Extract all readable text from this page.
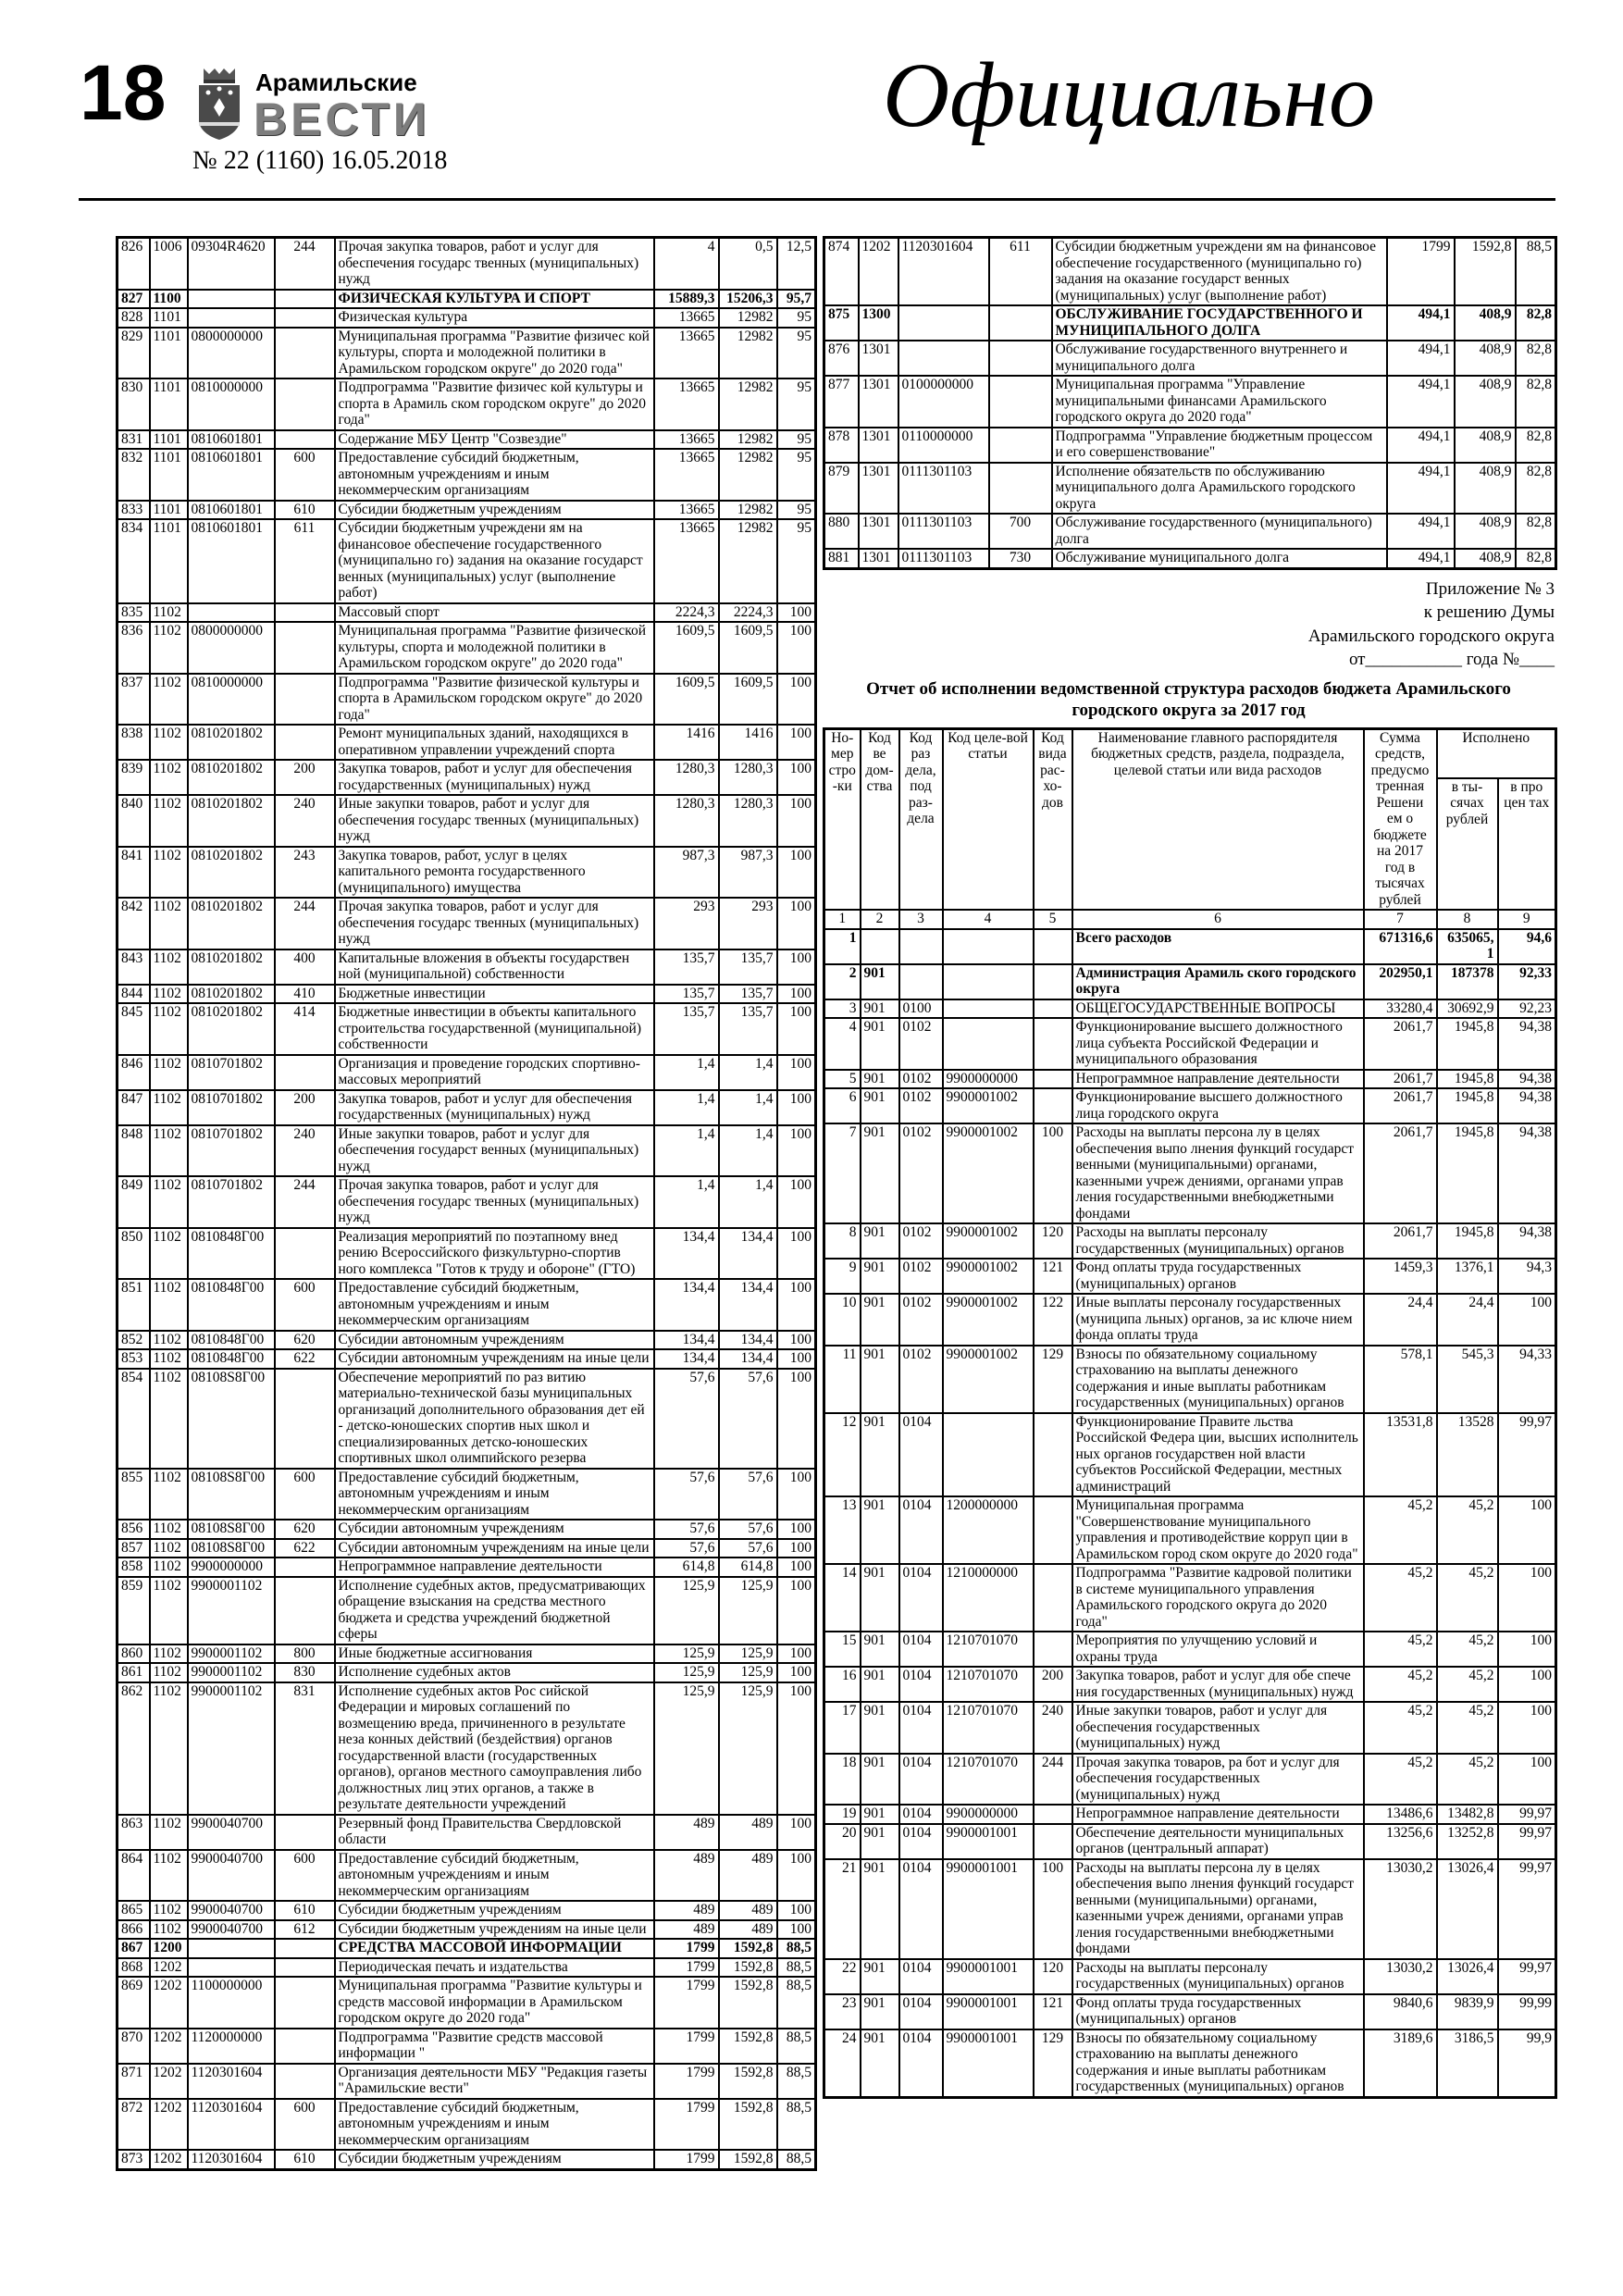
18	Арамильские
ВЕСТИ
№ 22 (1160) 16.05.2018
Официально
826	1006	09304R4620	244	Прочая закупка товаров, работ и услуг для обеспечения государс твенных (муниципальных) нужд	4	0,5	12,5
827	1100			ФИЗИЧЕСКАЯ КУЛЬТУРА И СПОРТ	15889,3	15206,3	95,7
828	1101			Физическая культура	13665	12982	95
829	1101	0800000000		Муниципальная программа "Развитие физичес кой культуры, спорта и молодежной политики в Арамильском городском округе" до 2020 года"	13665	12982	95
830	1101	0810000000		Подпрограмма "Развитие физичес кой культуры и спорта в Арамиль ском городском округе" до 2020 года"	13665	12982	95
831	1101	0810601801		Содержание МБУ Центр "Созвездие"	13665	12982	95
832	1101	0810601801	600	Предоставление субсидий бюджетным, автономным учреждениям и иным некоммерческим организациям	13665	12982	95
833	1101	0810601801	610	Субсидии бюджетным учреждениям	13665	12982	95
834	1101	0810601801	611	Субсидии бюджетным учреждени ям на финансовое обеспечение государственного (муниципально го) задания на оказание государст венных (муниципальных) услуг (выполнение работ)	13665	12982	95
835	1102			Массовый спорт	2224,3	2224,3	100
836	1102	0800000000		Муниципальная программа "Развитие физической культуры, спорта и молодежной политики в Арамильском городском округе" до 2020 года"	1609,5	1609,5	100
837	1102	0810000000		Подпрограмма "Развитие физической культуры и спорта в Арамильском городском округе" до 2020 года"	1609,5	1609,5	100
838	1102	0810201802		Ремонт муниципальных зданий, находящихся в оперативном управлении учреждений спорта	1416	1416	100
839	1102	0810201802	200	Закупка товаров, работ и услуг для обеспечения государственных (муниципальных) нужд	1280,3	1280,3	100
840	1102	0810201802	240	Иные закупки товаров, работ и услуг для обеспечения государс твенных (муниципальных) нужд	1280,3	1280,3	100
841	1102	0810201802	243	Закупка товаров, работ, услуг в целях капитального ремонта государственного (муниципального) имущества	987,3	987,3	100
842	1102	0810201802	244	Прочая закупка товаров, работ и услуг для обеспечения государс твенных (муниципальных) нужд	293	293	100
843	1102	0810201802	400	Капитальные вложения в объекты государствен ной (муниципальной) собственности	135,7	135,7	100
844	1102	0810201802	410	Бюджетные инвестиции	135,7	135,7	100
845	1102	0810201802	414	Бюджетные инвестиции в объекты капитального строительства государственной (муниципальной) собственности	135,7	135,7	100
846	1102	0810701802		Организация и проведение городских спортивно-массовых мероприятий	1,4	1,4	100
847	1102	0810701802	200	Закупка товаров, работ и услуг для обеспечения государственных (муниципальных) нужд	1,4	1,4	100
848	1102	0810701802	240	Иные закупки товаров, работ и услуг для обеспечения государст венных (муниципальных) нужд	1,4	1,4	100
849	1102	0810701802	244	Прочая закупка товаров, работ и услуг для обеспечения государс твенных (муниципальных) нужд	1,4	1,4	100
850	1102	0810848Г00		Реализация мероприятий по поэтапному внед рению Всероссийского физкультурно-спортив ного комплекса "Готов к труду и обороне" (ГТО)	134,4	134,4	100
851	1102	0810848Г00	600	Предоставление субсидий бюджетным, автономным учреждениям и иным некоммерческим организациям	134,4	134,4	100
852	1102	0810848Г00	620	Субсидии автономным учреждениям	134,4	134,4	100
853	1102	0810848Г00	622	Субсидии автономным учреждениям на иные цели	134,4	134,4	100
854	1102	08108S8Г00		Обеспечение мероприятий по раз витию материально-технической базы муниципальных организаций дополнительного образования дет ей - детско-юношеских спортив ных школ и специализированных детско-юношеских спортивных школ олимпийского резерва	57,6	57,6	100
855	1102	08108S8Г00	600	Предоставление субсидий бюджетным, автономным учреждениям и иным некоммерческим организациям	57,6	57,6	100
856	1102	08108S8Г00	620	Субсидии автономным учреждениям	57,6	57,6	100
857	1102	08108S8Г00	622	Субсидии автономным учреждениям на иные цели	57,6	57,6	100
858	1102	9900000000		Непрограммное направление деятельности	614,8	614,8	100
859	1102	9900001102		Исполнение судебных актов, предусматривающих обращение взыскания на средства местного бюджета и средства учреждений бюджетной сферы	125,9	125,9	100
860	1102	9900001102	800	Иные бюджетные ассигнования	125,9	125,9	100
861	1102	9900001102	830	Исполнение судебных актов	125,9	125,9	100
862	1102	9900001102	831	Исполнение судебных актов Рос сийской Федерации и мировых соглашений по возмещению вреда, причиненного в результате неза конных действий (бездействия) органов государственной власти (государственных органов), органов местного самоуправления либо должностных лиц этих органов, а также в результате деятельности учреждений	125,9	125,9	100
863	1102	9900040700		Резервный фонд Правительства Свердловской области	489	489	100
864	1102	9900040700	600	Предоставление субсидий бюджетным, автономным учреждениям и иным некоммерческим организациям	489	489	100
865	1102	9900040700	610	Субсидии бюджетным учреждениям	489	489	100
866	1102	9900040700	612	Субсидии бюджетным учреждениям на иные цели	489	489	100
867	1200			СРЕДСТВА МАССОВОЙ ИНФОРМАЦИИ	1799	1592,8	88,5
868	1202			Периодическая печать и издательства	1799	1592,8	88,5
869	1202	1100000000		Муниципальная программа "Развитие культуры и средств массовой информации в Арамильском городском округе до 2020 года"	1799	1592,8	88,5
870	1202	1120000000		Подпрограмма "Развитие средств массовой информации "	1799	1592,8	88,5
871	1202	1120301604		Организация деятельности МБУ "Редакция газеты "Арамильские вести"	1799	1592,8	88,5
872	1202	1120301604	600	Предоставление субсидий бюджетным, автономным учреждениям и иным некоммерческим организациям	1799	1592,8	88,5
873	1202	1120301604	610	Субсидии бюджетным учреждениям	1799	1592,8	88,5
874	1202	1120301604	611	Субсидии бюджетным учреждени ям на финансовое обеспечение государственного (муниципально го) задания на оказание государст венных (муниципальных) услуг (выполнение работ)	1799	1592,8	88,5
875	1300			ОБСЛУЖИВАНИЕ ГОСУДАРСТВЕННОГО И МУНИЦИПАЛЬНОГО ДОЛГА	494,1	408,9	82,8
876	1301			Обслуживание государственного внутреннего и муниципального долга	494,1	408,9	82,8
877	1301	0100000000		Муниципальная программа "Управление муниципальными финансами Арамильского городского округа до 2020 года"	494,1	408,9	82,8
878	1301	0110000000		Подпрограмма "Управление бюджетным процессом и его совершенствование"	494,1	408,9	82,8
879	1301	0111301103		Исполнение обязательств по обслуживанию муниципального долга Арамильского городского округа	494,1	408,9	82,8
880	1301	0111301103	700	Обслуживание государственного (муниципального) долга	494,1	408,9	82,8
881	1301	0111301103	730	Обслуживание муниципального долга	494,1	408,9	82,8
Приложение № 3
к решению Думы
Арамильского городского округа
от___________ года №____
Отчет об исполнении ведомственной структура расходов бюджета Арамильского городского округа за 2017 год
Но-мер стро-ки	Код ве дом-ства	Код раз дела, под раз-дела	Код целе-вой статьи	Код вида рас-хо-дов	Наименование главного распорядителя бюджетных средств, раздела, подраздела, целевой статьи или вида расходов	Сумма средств, предусмо тренная Решени ем о бюджете на 2017 год в тысячах рублей	Исполнено	
							в ты-сячах рублей	в про цен тах
1	2	3	4	5	6	7	8	9
1					Всего расходов	671316,6	635065,1	94,6
2	901				Администрация Арамиль ского городского округа	202950,1	187378	92,33
3	901	0100			ОБЩЕГОСУДАРСТВЕННЫЕ ВОПРОСЫ	33280,4	30692,9	92,23
4	901	0102			Функционирование высшего должностного лица субъекта Российской Федерации и муниципального образования	2061,7	1945,8	94,38
5	901	0102	9900000000		Непрограммное направление деятельности	2061,7	1945,8	94,38
6	901	0102	9900001002		Функционирование высшего должностного лица городского округа	2061,7	1945,8	94,38
7	901	0102	9900001002	100	Расходы на выплаты персона лу в целях обеспечения выпо лнения функций государст венными (муниципальными) органами, казенными учреж дениями, органами управ ления государственными внебюджетными фондами	2061,7	1945,8	94,38
8	901	0102	9900001002	120	Расходы на выплаты персоналу государственных (муниципальных) органов	2061,7	1945,8	94,38
9	901	0102	9900001002	121	Фонд оплаты труда государственных (муниципальных) органов	1459,3	1376,1	94,3
10	901	0102	9900001002	122	Иные выплаты персоналу государственных (муниципа льных) органов, за ис ключе нием фонда оплаты труда	24,4	24,4	100
11	901	0102	9900001002	129	Взносы по обязательному социальному страхованию на выплаты денежного содержания и иные выплаты работникам государственных (муниципальных) органов	578,1	545,3	94,33
12	901	0104			Функционирование Правите льства Российской Федера ции, высших исполнитель ных органов государствен ной власти субъектов Российской Федерации, местных администраций	13531,8	13528	99,97
13	901	0104	1200000000		Муниципальная программа "Совершенствование муниципального управления и противодействие корруп ции в Арамильском город ском округе до 2020 года"	45,2	45,2	100
14	901	0104	1210000000		Подпрограмма "Развитие кадровой политики в системе муниципального управления Арамильского городского округа до 2020 года"	45,2	45,2	100
15	901	0104	1210701070		Мероприятия по улучщению условий и охраны труда	45,2	45,2	100
16	901	0104	1210701070	200	Закупка товаров, работ и услуг для обе спече ния государственных (муниципальных) нужд	45,2	45,2	100
17	901	0104	1210701070	240	Иные закупки товаров, работ и услуг для обеспечения государственных (муниципальных) нужд	45,2	45,2	100
18	901	0104	1210701070	244	Прочая закупка товаров, ра бот и услуг для обеспечения государственных (муниципальных) нужд	45,2	45,2	100
19	901	0104	9900000000		Непрограммное направление деятельности	13486,6	13482,8	99,97
20	901	0104	9900001001		Обеспечение деятельности муниципальных органов (центральный аппарат)	13256,6	13252,8	99,97
21	901	0104	9900001001	100	Расходы на выплаты персона лу в целях обеспечения выпо лнения функций государст венными (муниципальными) органами, казенными учреж дениями, органами управ ления государственными внебюджетными фондами	13030,2	13026,4	99,97
22	901	0104	9900001001	120	Расходы на выплаты персоналу государственных (муниципальных) органов	13030,2	13026,4	99,97
23	901	0104	9900001001	121	Фонд оплаты труда государственных (муниципальных) органов	9840,6	9839,9	99,99
24	901	0104	9900001001	129	Взносы по обязательному социальному страхованию на выплаты денежного содержания и иные выплаты работникам государственных (муниципальных) органов	3189,6	3186,5	99,9
